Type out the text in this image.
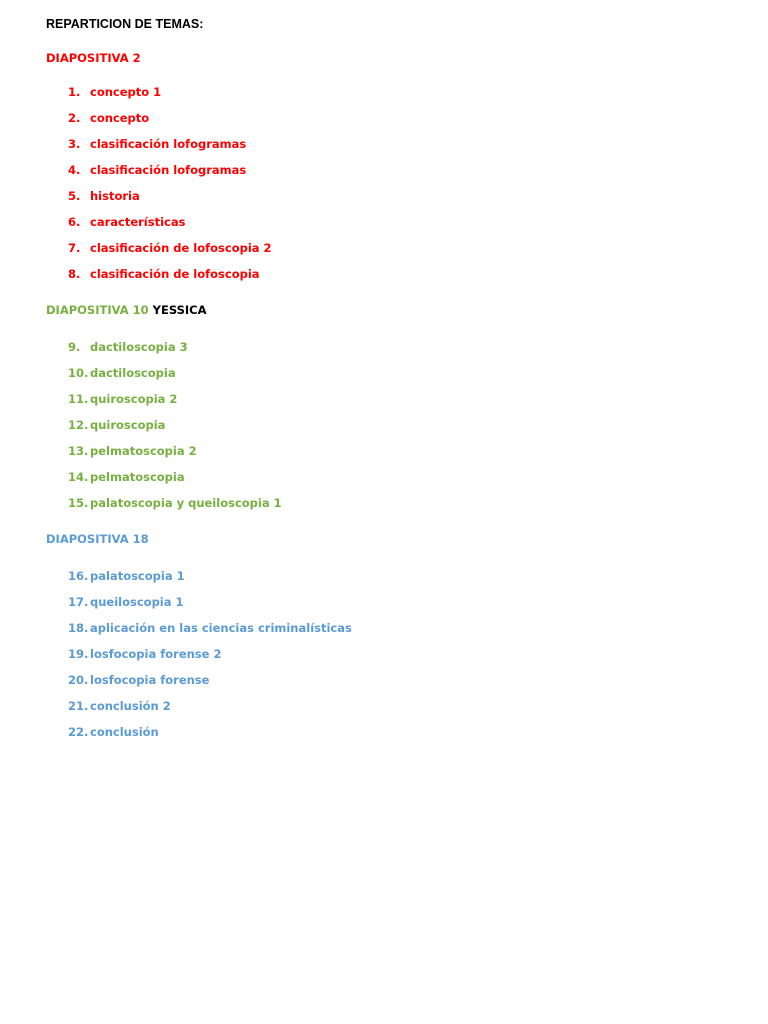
REPARTICION DE TEMAS:
DIAPOSITIVA 2
1. concepto 1
2. concepto
3. clasificación lofogramas
4. clasificación lofogramas
5. historia
6. características
7. clasificación de lofoscopia 2
8. clasificación de lofoscopia
DIAPOSITIVA 10 YESSICA
9. dactiloscopia 3
10. dactiloscopia
11. quiroscopia 2
12. quiroscopia
13. pelmatoscopia 2
14. pelmatoscopia
15. palatoscopia y queiloscopia 1
DIAPOSITIVA 18
16. palatoscopia 1
17. queiloscopia 1
18. aplicación en las ciencias criminalísticas
19. losfocopia forense 2
20. losfocopia forense
21. conclusión 2
22. conclusión
